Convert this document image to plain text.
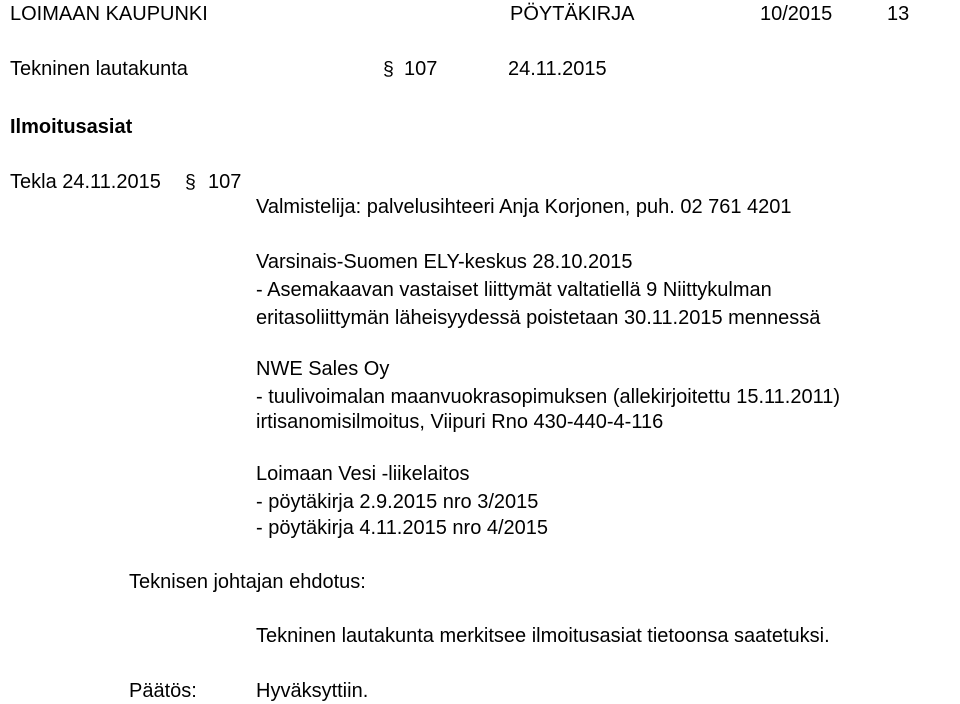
LOIMAAN KAUPUNKI	PÖYTÄKIRJA	10/2015	13
Tekninen lautakunta	§ 107	24.11.2015
Ilmoitusasiat
Tekla 24.11.2015 § 107
Valmistelija: palvelusihteeri Anja Korjonen, puh. 02 761 4201
Varsinais-Suomen ELY-keskus 28.10.2015
- Asemakaavan vastaiset liittymät valtatiellä 9 Niittykulman
eritasoliittymän läheisyydessä poistetaan 30.11.2015 mennessä
NWE Sales Oy
- tuulivoimalan maanvuokrasopimuksen (allekirjoitettu 15.11.2011)
irtisanomisilmoitus, Viipuri Rno 430-440-4-116
Loimaan Vesi -liikelaitos
- pöytäkirja 2.9.2015 nro 3/2015
- pöytäkirja 4.11.2015 nro 4/2015
Teknisen johtajan ehdotus:
Tekninen lautakunta merkitsee ilmoitusasiat tietoonsa saatetuksi.
Päätös:	Hyväksyttiin.
